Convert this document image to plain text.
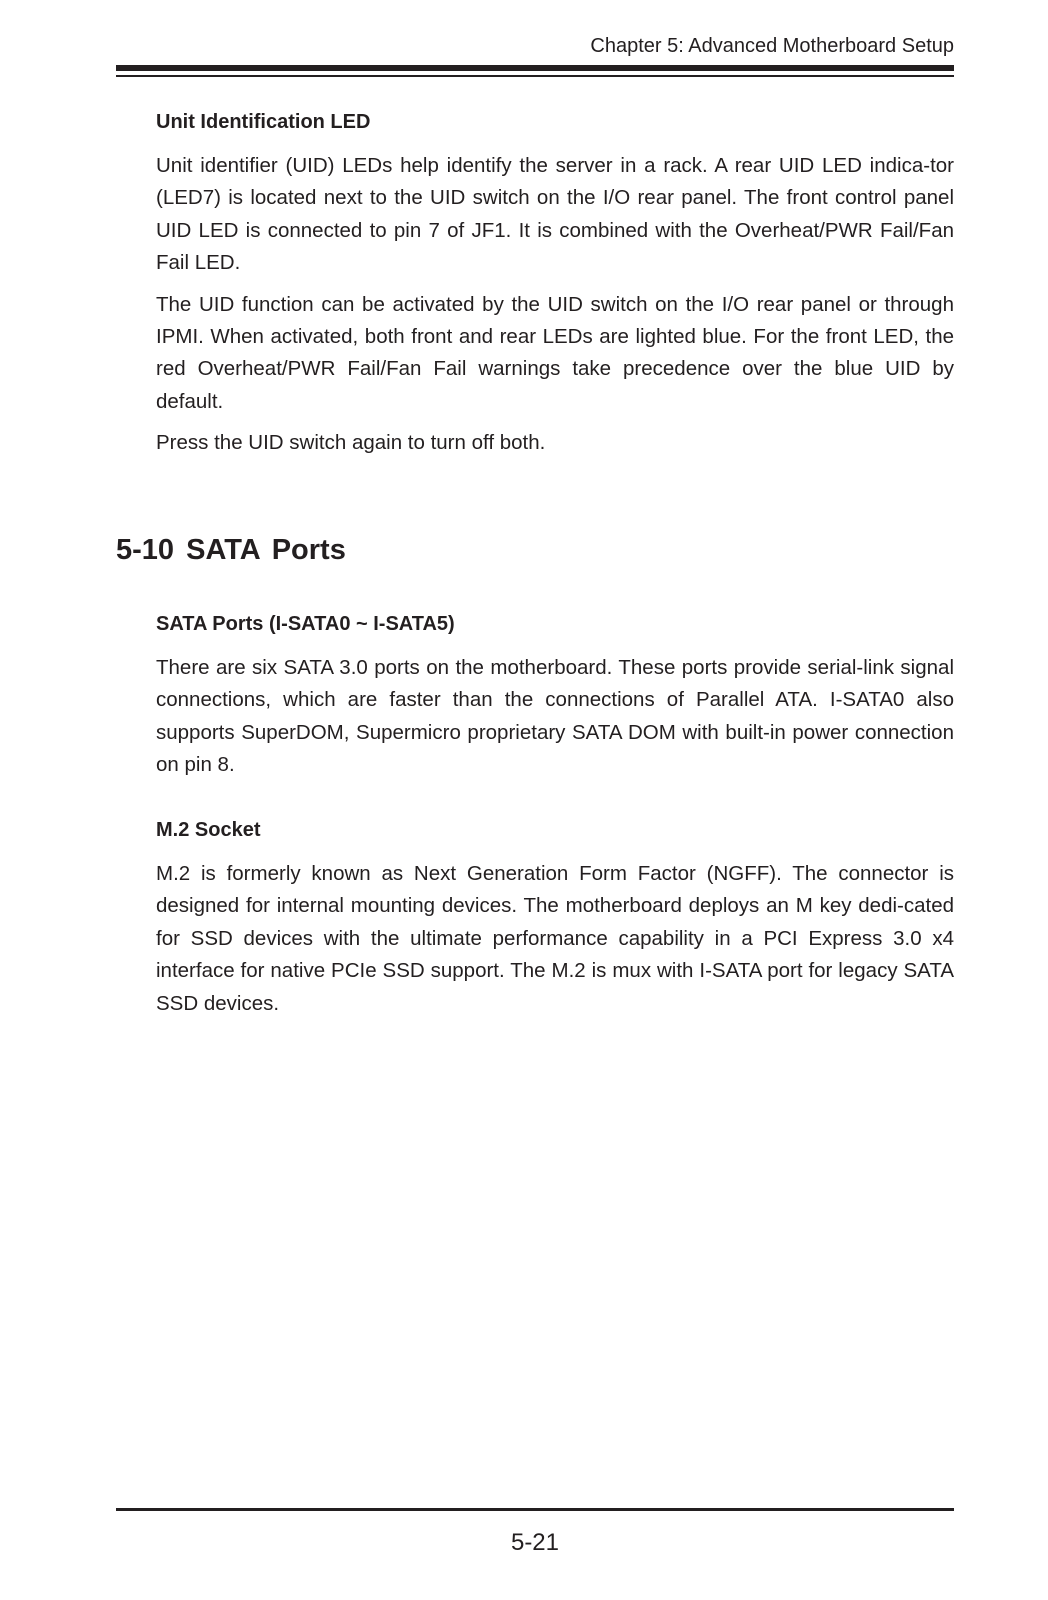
Chapter 5: Advanced Motherboard Setup
Unit Identification LED

Unit identifier (UID) LEDs help identify the server in a rack. A rear UID LED indica-tor (LED7) is located next to the UID switch on the I/O rear panel. The front control panel UID LED is connected to pin 7 of JF1. It is combined with the Overheat/PWR Fail/Fan Fail LED.

The UID function can be activated by the UID switch on the I/O rear panel or through IPMI. When activated, both front and rear LEDs are lighted blue. For the front LED, the red Overheat/PWR Fail/Fan Fail warnings take precedence over the blue UID by default.

Press the UID switch again to turn off both.

5-10 SATA Ports
SATA Ports (I-SATA0 ~ I-SATA5)

There are six SATA 3.0 ports on the motherboard. These ports provide serial-link signal connections, which are faster than the connections of Parallel ATA. I-SATA0 also supports SuperDOM, Supermicro proprietary SATA DOM with built-in power connection on pin 8.

M.2 Socket

M.2 is formerly known as Next Generation Form Factor (NGFF). The connector is designed for internal mounting devices. The motherboard deploys an M key dedi-cated for SSD devices with the ultimate performance capability in a PCI Express 3.0 x4 interface for native PCIe SSD support. The M.2 is mux with I-SATA port for legacy SATA SSD devices.

5-21
